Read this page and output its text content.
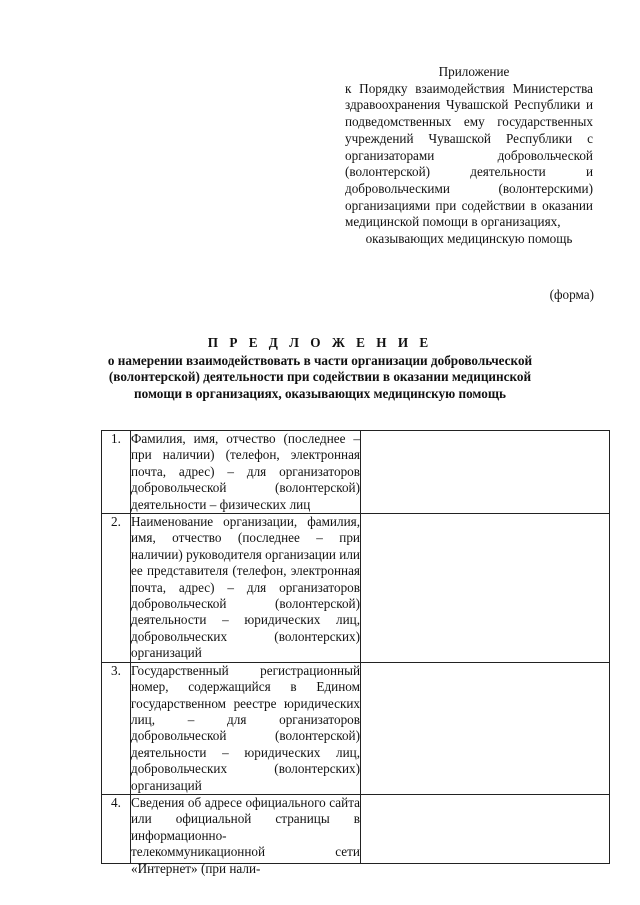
Приложение
к Порядку взаимодействия Министерства здравоохранения Чувашской Республики и подведомственных ему государственных учреждений Чувашской Республики с организаторами добровольческой (волонтерской) деятельности и добровольческими (волонтерскими) организациями при содействии в оказании медицинской помощи в организациях,
оказывающих медицинскую помощь
(форма)
П Р Е Д Л О Ж Е Н И Е
о намерении взаимодействовать в части организации добровольческой (волонтерской) деятельности при содействии в оказании медицинской помощи в организациях, оказывающих медицинскую помощь
1.	Фамилия, имя, отчество (последнее – при наличии) (телефон, электронная почта, адрес) – для организаторов добровольческой (волонтерской) деятельности – физических лиц	
2.	Наименование организации, фамилия, имя, отчество (последнее – при наличии) руководителя организации или ее представителя (телефон, электронная почта, адрес) – для организаторов добровольческой (волонтерской) деятельности – юридических лиц, добровольческих (волонтерских) организаций	
3.	Государственный регистрационный номер, содержащийся в Едином государственном реестре юридических лиц, – для организаторов добровольческой (волонтерской) деятельности – юридических лиц, добровольческих (волонтерских) организаций	
4.	Сведения об адресе официального сайта или официальной страницы в информационно-телекоммуникационной сети «Интернет» (при нали-	
